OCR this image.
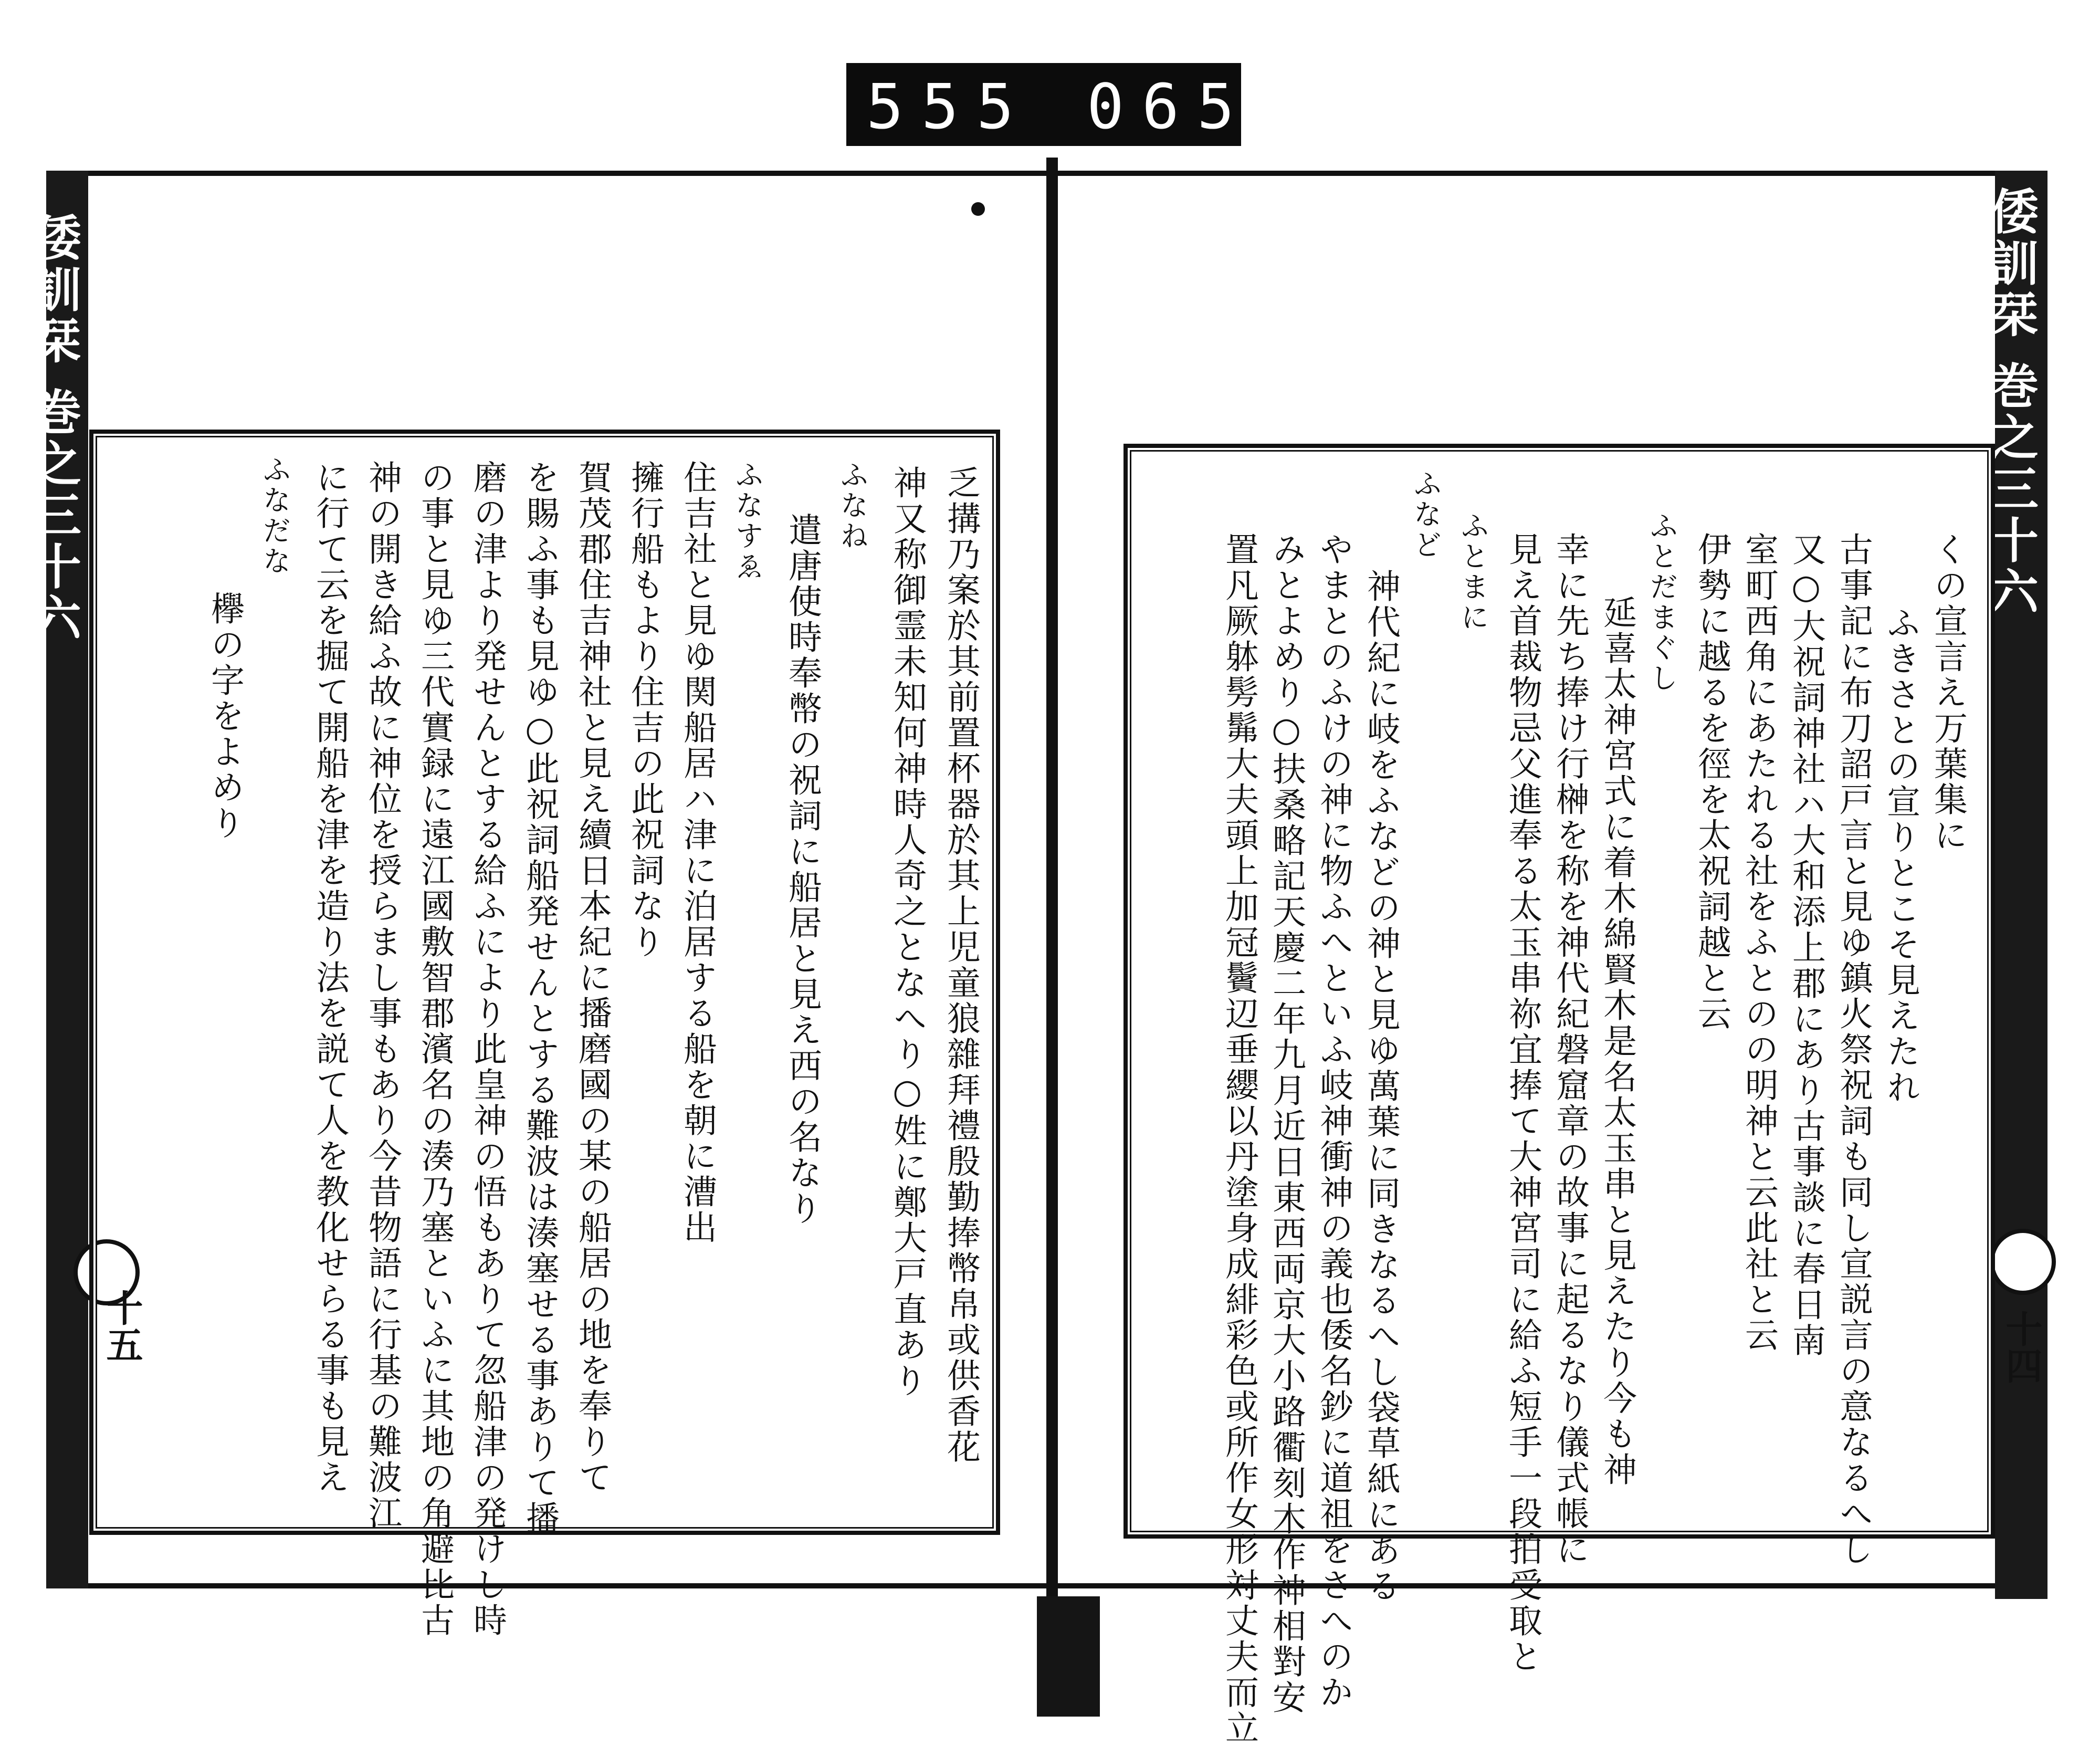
555 065
倭訓栞 巻之三十六	倭訓栞 巻之三十六
十五	十四
乏搆乃案於其前置杯器於其上児童狼雜拜禮殷勤捧幣帛或供香花
神又称御霊未知何神時人奇之となへり○姓に鄭大戸直あり
ふなね
遣唐使時奉幣の祝詞に船居と見え西の名なり
ふなすゑ
住吉社と見ゆ関船居ハ津に泊居する船を朝に漕出
擁行船もより住吉の此祝詞なり
賀茂郡住吉神社と見え續日本紀に播磨國の某の船居の地を奉りて
を賜ふ事も見ゆ○此祝詞船発せんとする難波は湊塞せる事ありて播
磨の津より発せんとする給ふにより此皇神の悟もありて忽船津の発けし時
の事と見ゆ三代實録に遠江國敷智郡濱名の湊乃塞といふに其地の角避比古
神の開き給ふ故に神位を授らまし事もあり今昔物語に行基の難波江
に行て云を掘て開船を津を造り法を説て人を教化せらる事も見え
ふなだな
欅の字をよめり	くの宣言え万葉集に
ふきさとの宣りとこそ見えたれ
古事記に布刀詔戸言と見ゆ鎮火祭祝詞も同し宣説言の意なるへし
又○大祝詞神社ハ大和添上郡にあり古事談に春日南
室町西角にあたれる社をふとのの明神と云此社と云
伊勢に越るを徑を太祝詞越と云
ふとだまぐし
延喜太神宮式に着木綿賢木是名太玉串と見えたり今も神
幸に先ち捧け行榊を称を神代紀磐窟章の故事に起るなり儀式帳に
見え首裁物忌父進奉る太玉串祢宜捧て大神宮司に給ふ短手一段拍受取と
ふとまに
ふなど
神代紀に岐をふなどの神と見ゆ萬葉に同きなるへし袋草紙にある
やまとのふけの神に物ふへといふ岐神衝神の義也倭名鈔に道祖をさへのか
みとよめり○扶桑略記天慶二年九月近日東西両京大小路衢刻木作神相對安
置凡厥躰髣髴大夫頭上加冠鬢辺垂纓以丹塗身成緋彩色或所作女形対丈夫而立
